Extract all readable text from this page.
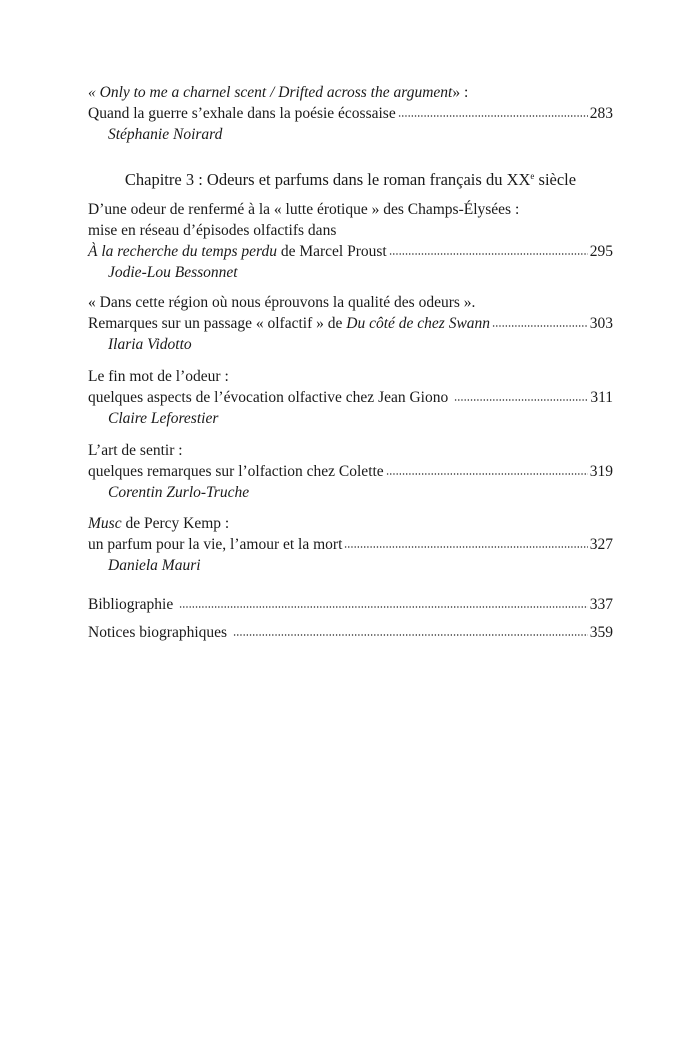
« Only to me a charnel scent / Drifted across the argument » :
Quand la guerre s’exhale dans la poésie écossaise	283
Stéphanie Noirard
Chapitre 3 : Odeurs et parfums dans le roman français du XXe siècle
D’une odeur de renfermé à la « lutte érotique » des Champs-Élysées :
mise en réseau d’épisodes olfactifs dans
À la recherche du temps perdu de Marcel Proust	295
Jodie-Lou Bessonnet
« Dans cette région où nous éprouvons la qualité des odeurs ».
Remarques sur un passage « olfactif » de Du côté de chez Swann	303
Ilaria Vidotto
Le fin mot de l’odeur :
quelques aspects de l’évocation olfactive chez Jean Giono	311
Claire Leforestier
L’art de sentir :
quelques remarques sur l’olfaction chez Colette	319
Corentin Zurlo-Truche
Musc de Percy Kemp :
un parfum pour la vie, l’amour et la mort	327
Daniela Mauri
Bibliographie	337
Notices biographiques	359
